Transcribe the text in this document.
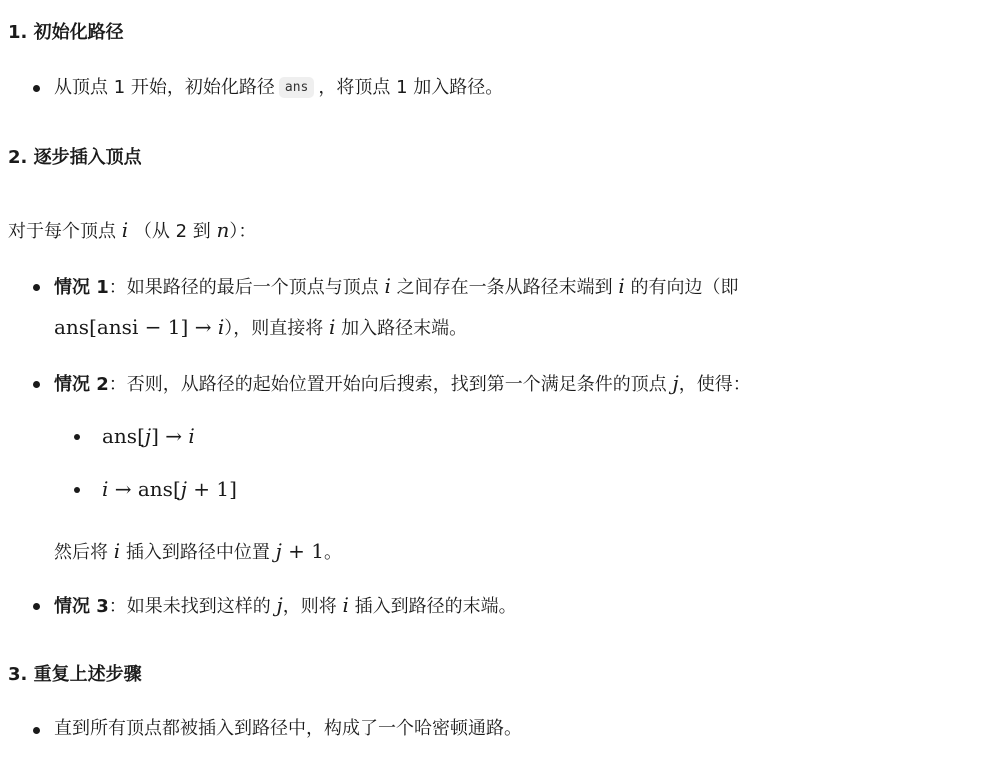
1. 初始化路径
从顶点 1 开始，初始化路径 ans ，将顶点 1 加入路径。
2. 逐步插入顶点
对于每个顶点 i （从 2 到 n）：
情况 1：如果路径的最后一个顶点与顶点 i 之间存在一条从路径末端到 i 的有向边（即
ans[ansi − 1] → i），则直接将 i 加入路径末端。
情况 2：否则，从路径的起始位置开始向后搜索，找到第一个满足条件的顶点 j，使得：
ans[j] → i
i → ans[j + 1]
然后将 i 插入到路径中位置 j + 1。
情况 3：如果未找到这样的 j，则将 i 插入到路径的末端。
3. 重复上述步骤
直到所有顶点都被插入到路径中，构成了一个哈密顿通路。
